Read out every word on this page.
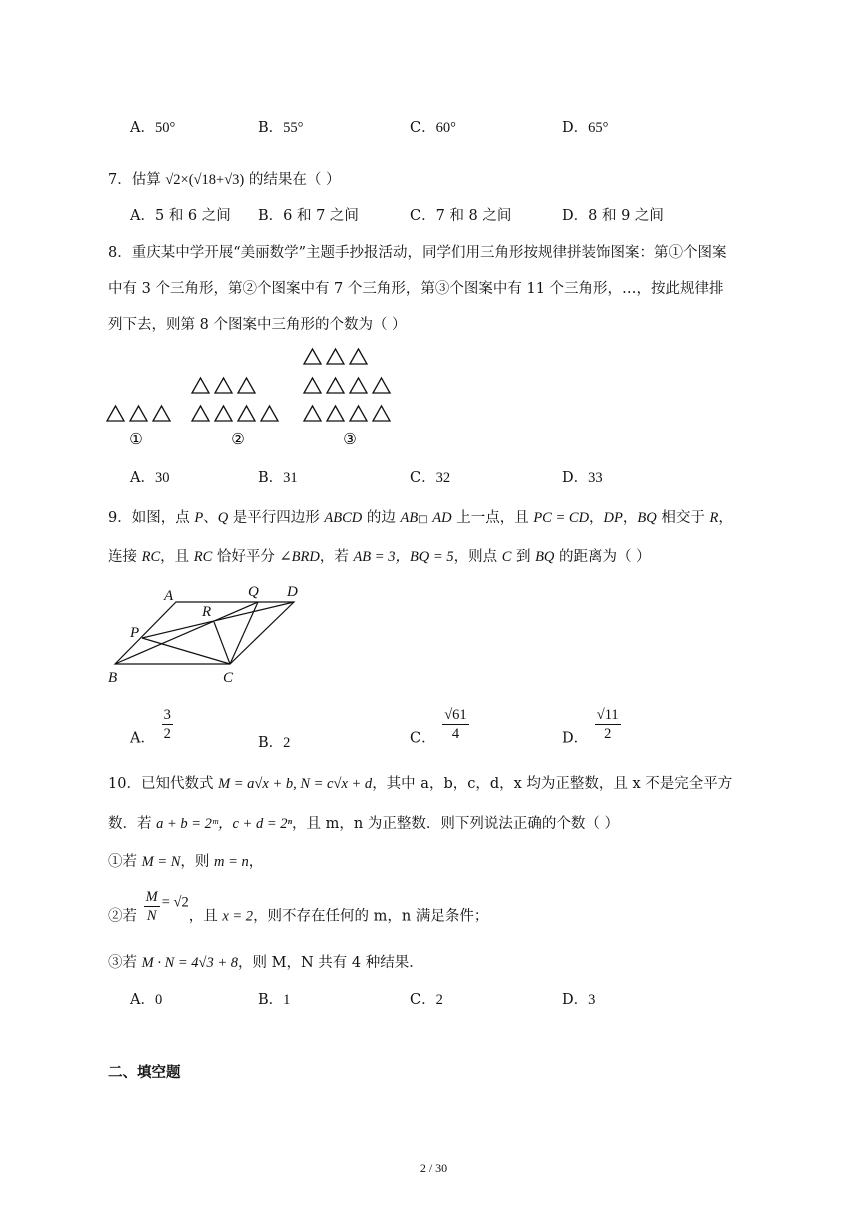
A．50°	B．55°	C．60°	D．65°
7．估算 √2×(√18+√3) 的结果在（ ）
A．5 和 6 之间 B．6 和 7 之间	C．7 和 8 之间	D．8 和 9 之间
8．重庆某中学开展“美丽数学”主题手抄报活动，同学们用三角形按规律拼装饰图案：第①个图案
中有 3 个三角形，第②个图案中有 7 个三角形，第③个图案中有 11 个三角形，…，按此规律排
列下去，则第 8 个图案中三角形的个数为（ ）
①	②	③
A．30	B．31	C．32	D．33
9．如图，点 P、Q 是平行四边形 ABCD 的边 AB□ AD 上一点，且 PC = CD，DP，BQ 相交于 R，
连接 RC，且 RC 恰好平分 ∠BRD，若 AB = 3，BQ = 5，则点 C 到 BQ 的距离为（ ）
A	Q D
R
P
B	C
A． $\frac{3}{2}$	B．2	C． $\frac{√61}{4}$	D． $\frac{√11}{2}$
10．已知代数式 M = a√x + b, N = c√x + d，其中 a，b，c，d，x 均为正整数，且 x 不是完全平方
数．若 a + b = 2ᵐ，c + d = 2ⁿ，且 m，n 为正整数．则下列说法正确的个数（ ）
①若 M = N，则 m = n，
②若 $\frac{M}{N} = √2$，且 x = 2，则不存在任何的 m，n 满足条件；
③若 M · N = 4√3 + 8，则 M，N 共有 4 种结果．
A．0	B．1	C．2	D．3
二、填空题
2 / 30
